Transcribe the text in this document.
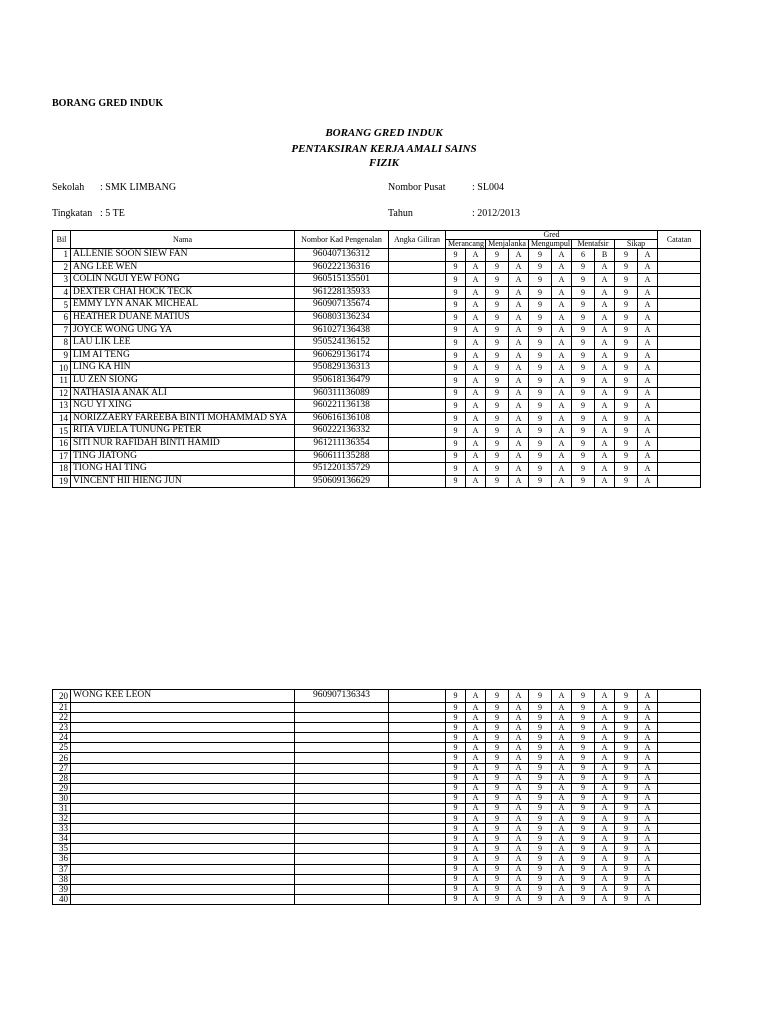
BORANG GRED INDUK
BORANG GRED INDUK
PENTAKSIRAN KERJA AMALI SAINS
FIZIK
Sekolah : SMK LIMBANG	Nombor Pusat	: SL004
Tingkatan : 5 TE	Tahun	: 2012/2013
Bil	Nama	Nombor Kad Pengenalan	Angka Giliran	Gred										Catatan
				Merancang		Menjalanka		Mengumpul		Mentafsir		Sikap		
1	ALLENIE SOON SIEW FAN	960407136312		9	A	9	A	9	A	6	B	9	A	
2	ANG LEE WEN	960222136316		9	A	9	A	9	A	9	A	9	A	
3	COLIN NGUI YEW FONG	960515135501		9	A	9	A	9	A	9	A	9	A	
4	DEXTER CHAI HOCK TECK	961228135933		9	A	9	A	9	A	9	A	9	A	
5	EMMY LYN ANAK MICHEAL	960907135674		9	A	9	A	9	A	9	A	9	A	
6	HEATHER DUANE MATIUS	960803136234		9	A	9	A	9	A	9	A	9	A	
7	JOYCE WONG UNG YA	961027136438		9	A	9	A	9	A	9	A	9	A	
8	LAU LIK LEE	950524136152		9	A	9	A	9	A	9	A	9	A	
9	LIM AI TENG	960629136174		9	A	9	A	9	A	9	A	9	A	
10	LING KA HIN	950829136313		9	A	9	A	9	A	9	A	9	A	
11	LU ZEN SIONG	950618136479		9	A	9	A	9	A	9	A	9	A	
12	NATHASIA ANAK ALI	960311136089		9	A	9	A	9	A	9	A	9	A	
13	NGU YI XING	960221136138		9	A	9	A	9	A	9	A	9	A	
14	NORIZZAERY FAREEBA BINTI MOHAMMAD SYA	960616136108		9	A	9	A	9	A	9	A	9	A	
15	RITA VIJELA TUNUNG PETER	960222136332		9	A	9	A	9	A	9	A	9	A	
16	SITI NUR RAFIDAH BINTI HAMID	961211136354		9	A	9	A	9	A	9	A	9	A	
17	TING JIATONG	960611135288		9	A	9	A	9	A	9	A	9	A	
18	TIONG HAI TING	951220135729		9	A	9	A	9	A	9	A	9	A	
19	VINCENT HII HIENG JUN	950609136629		9	A	9	A	9	A	9	A	9	A	
20	WONG KEE LEON	960907136343		9	A	9	A	9	A	9	A	9	A	
21				9	A	9	A	9	A	9	A	9	A	
22				9	A	9	A	9	A	9	A	9	A	
23				9	A	9	A	9	A	9	A	9	A	
24				9	A	9	A	9	A	9	A	9	A	
25				9	A	9	A	9	A	9	A	9	A	
26				9	A	9	A	9	A	9	A	9	A	
27				9	A	9	A	9	A	9	A	9	A	
28				9	A	9	A	9	A	9	A	9	A	
29				9	A	9	A	9	A	9	A	9	A	
30				9	A	9	A	9	A	9	A	9	A	
31				9	A	9	A	9	A	9	A	9	A	
32				9	A	9	A	9	A	9	A	9	A	
33				9	A	9	A	9	A	9	A	9	A	
34				9	A	9	A	9	A	9	A	9	A	
35				9	A	9	A	9	A	9	A	9	A	
36				9	A	9	A	9	A	9	A	9	A	
37				9	A	9	A	9	A	9	A	9	A	
38				9	A	9	A	9	A	9	A	9	A	
39				9	A	9	A	9	A	9	A	9	A	
40				9	A	9	A	9	A	9	A	9	A	
